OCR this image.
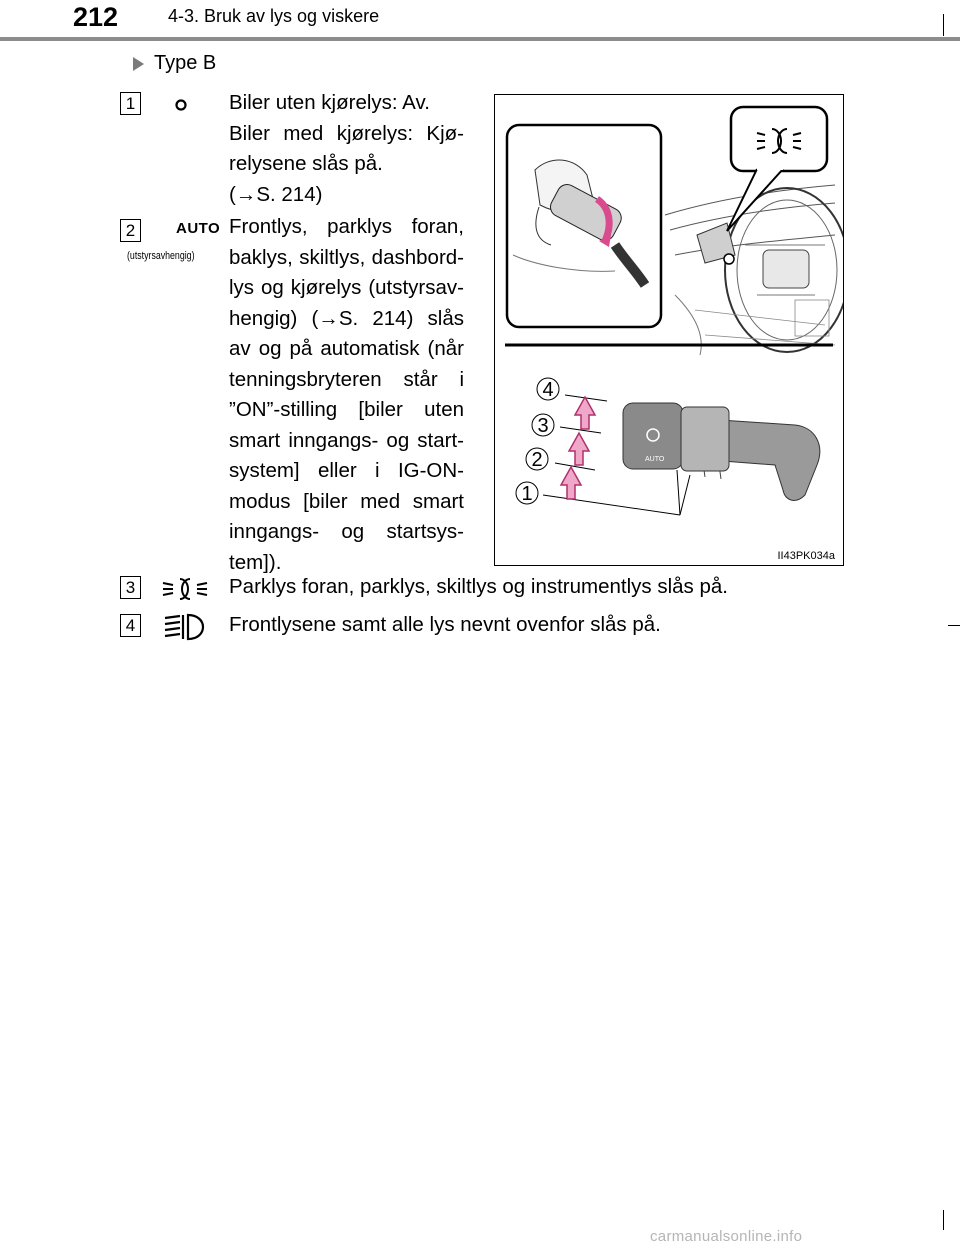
212	4-3. Bruk av lys og viskere
Type B
1	Biler uten kjørelys: Av.
Biler med kjørelys: Kjø-
relysene slås på.
(→S. 214)
2	AUTO
(utstyrsavhengig)
Frontlys, parklys foran,
baklys, skiltlys, dashbord-
lys og kjørelys (utstyrsav-
hengig) (→S. 214) slås
av og på automatisk (når
tenningsbryteren står i
”ON”-stilling [biler uten
smart inngangs- og start-
system] eller i IG-ON-
modus [biler med smart
inngangs- og startsys-
tem]).
4
3
2
1
AUTO
II43PK034a
3	Parklys foran, parklys, skiltlys og instrumentlys slås på.
4	Frontlysene samt alle lys nevnt ovenfor slås på.
carmanualsonline.info
